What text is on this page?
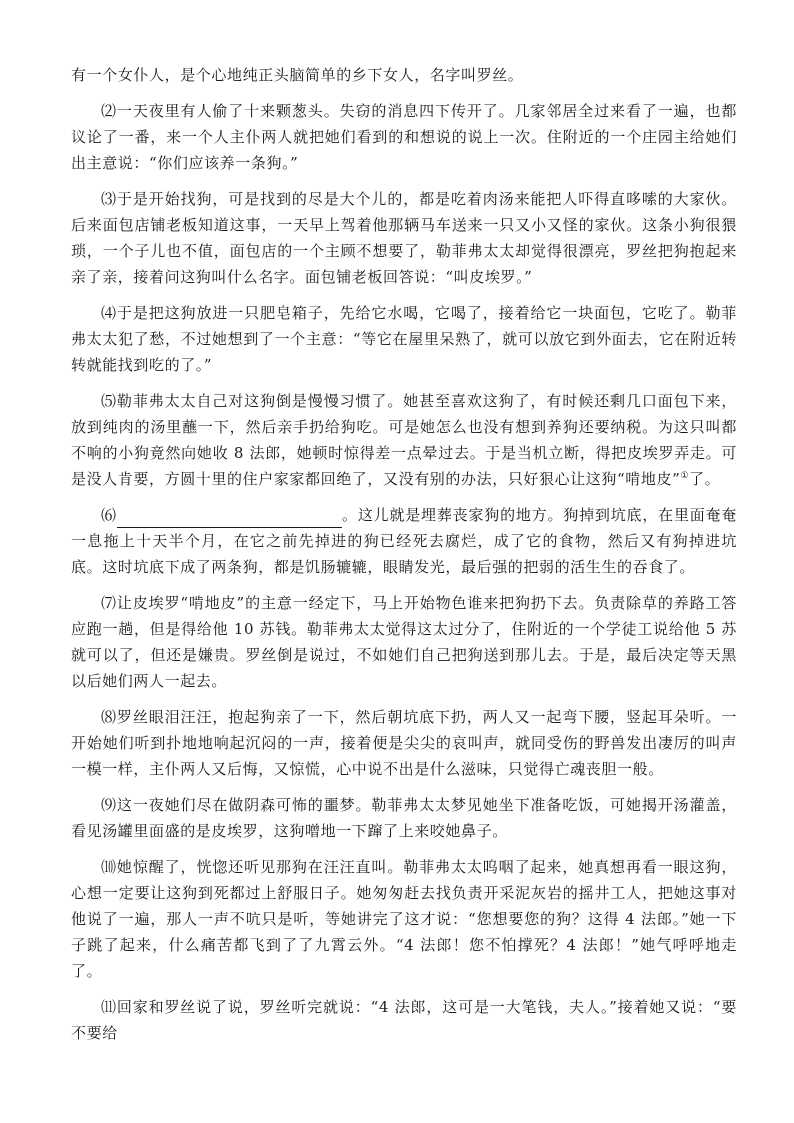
有一个女仆人，是个心地纯正头脑简单的乡下女人，名字叫罗丝。

⑵一天夜里有人偷了十来颗葱头。失窃的消息四下传开了。几家邻居全过来看了一遍，也都议论了一番，来一个人主仆两人就把她们看到的和想说的说上一次。住附近的一个庄园主给她们出主意说：“你们应该养一条狗。”

⑶于是开始找狗，可是找到的尽是大个儿的，都是吃着肉汤来能把人吓得直哆嗦的大家伙。后来面包店铺老板知道这事，一天早上驾着他那辆马车送来一只又小又怪的家伙。这条小狗很猥琐，一个子儿也不值，面包店的一个主顾不想要了，勒菲弗太太却觉得很漂亮，罗丝把狗抱起来亲了亲，接着问这狗叫什么名字。面包铺老板回答说：“叫皮埃罗。”

⑷于是把这狗放进一只肥皂箱子，先给它水喝，它喝了，接着给它一块面包，它吃了。勒菲弗太太犯了愁，不过她想到了一个主意：“等它在屋里呆熟了，就可以放它到外面去，它在附近转转就能找到吃的了。”

⑸勒菲弗太太自己对这狗倒是慢慢习惯了。她甚至喜欢这狗了，有时候还剩几口面包下来，放到纯肉的汤里蘸一下，然后亲手扔给狗吃。可是她怎么也没有想到养狗还要纳税。为这只叫都不响的小狗竟然向她收 8 法郎，她顿时惊得差一点晕过去。于是当机立断，得把皮埃罗弄走。可是没人肯要，方圆十里的住户家家都回绝了，又没有别的办法，只好狠心让这狗“啃地皮”①了。

⑹	。这儿就是埋葬丧家狗的地方。狗掉到坑底，在里面奄奄一息拖上十天半个月，在它之前先掉进的狗已经死去腐烂，成了它的食物，然后又有狗掉进坑底。这时坑底下成了两条狗，都是饥肠辘辘，眼睛发光，最后强的把弱的活生生的吞食了。

⑺让皮埃罗“啃地皮”的主意一经定下，马上开始物色谁来把狗扔下去。负责除草的养路工答应跑一趟，但是得给他 10 苏钱。勒菲弗太太觉得这太过分了，住附近的一个学徒工说给他 5 苏就可以了，但还是嫌贵。罗丝倒是说过，不如她们自己把狗送到那儿去。于是，最后决定等天黑以后她们两人一起去。

⑻罗丝眼泪汪汪，抱起狗亲了一下，然后朝坑底下扔，两人又一起弯下腰，竖起耳朵听。一开始她们听到扑地地响起沉闷的一声，接着便是尖尖的哀叫声，就同受伤的野兽发出凄厉的叫声一模一样，主仆两人又后悔，又惊慌，心中说不出是什么滋味，只觉得亡魂丧胆一般。

⑼这一夜她们尽在做阴森可怖的噩梦。勒菲弗太太梦见她坐下准备吃饭，可她揭开汤灌盖，看见汤罐里面盛的是皮埃罗，这狗噌地一下蹿了上来咬她鼻子。

⑽她惊醒了，恍惚还听见那狗在汪汪直叫。勒菲弗太太呜咽了起来，她真想再看一眼这狗，心想一定要让这狗到死都过上舒服日子。她匆匆赶去找负责开采泥灰岩的摇井工人，把她这事对他说了一遍，那人一声不吭只是听，等她讲完了这才说：“您想要您的狗？这得 4 法郎。”她一下子跳了起来，什么痛苦都飞到了了九霄云外。“4 法郎！您不怕撑死？4 法郎！”她气呼呼地走了。

⑾回家和罗丝说了说，罗丝听完就说：“4 法郎，这可是一大笔钱，夫人。”接着她又说：“要不要给
